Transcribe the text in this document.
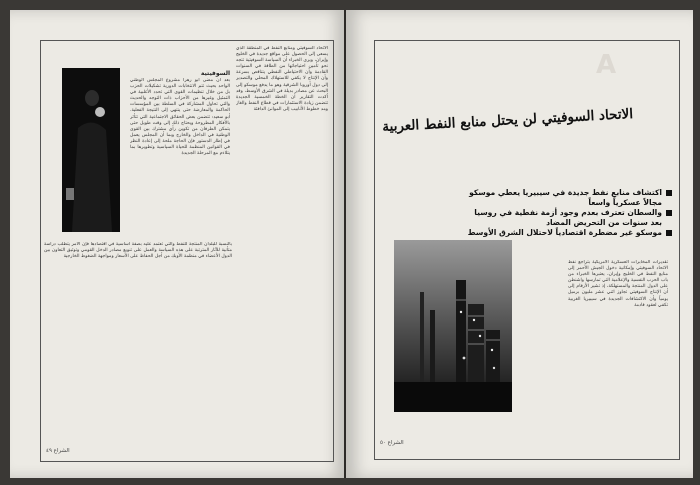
السوفيتية
بعد أن مضى أبو رهرا مشروع المجلس الوطني الواحد بحيث تتم الانتخابات الدورية تشكيلات الحزب بل من خلال تنظيمات القوى التي تحدد الأغلبية في التمثيل وغيرها من الأحزاب ذات التوجه والحديث والتي تحاول المشاركة في السلطة بين المؤسسات الحاكمة والمعارضة حتى ينتهي إلى النتيجة الفعلية. أبو سعيد: تتضمن بعض الحقائق الاجتماعية التي تتأثر بالأفكار المطروحة ويحتاج ذلك إلى وقت طويل حتى يتمكن الطرفان من تكوين رأي مشترك بين القوى الوطنية في الداخل والخارج وبما أن المجلس يعمل في إطار الدستور فإن الحاجة ملحة إلى إعادة النظر في القوانين المنظمة للحياة السياسية وتطويرها بما يتلاءم مع المرحلة الجديدة
الاتحاد السوفيتي ومنابع النفط في المنطقة الذي يسعى إلى الحصول على مواقع جديدة في الخليج وإيران، ويرى الخبراء أن السياسة السوفيتية تتجه نحو تأمين احتياجاتها من الطاقة في السنوات القادمة وأن الاحتياطي النفطي يتناقص بسرعة وأن الإنتاج لا يكفي للاستهلاك المحلي والتصدير إلى دول أوروبا الشرقية وهو ما يدفع موسكو إلى البحث عن مصادر بديلة في الشرق الأوسط، وقد أكدت التقارير أن الخطة الخمسية الجديدة تتضمن زيادة الاستثمارات في قطاع النفط والغاز ومد خطوط الأنابيب إلى الموانئ الدافئة
بالنسبة للبلدان المنتجة للنفط والتي تعتمد عليه بصفة أساسية في اقتصادها فإن الأمر يتطلب دراسة متأنية للآثار المترتبة على هذه السياسة والعمل على تنويع مصادر الدخل القومي وتوثيق التعاون بين الدول الأعضاء في منظمة الأوبك من أجل الحفاظ على الأسعار ومواجهة الضغوط الخارجية
الشراع ٤٩
A
الاتحاد السوفيتي لن يحتل منابع النفط العربية
اكتشاف منابع نفط جديدة في سيبيريا يعطي موسكو مجالاً عسكرياً واسعاً
والسطان تعترف بعدم وجود أزمة نفطية في روسيا بعد سنوات من التحريض المضاد
موسكو غير مضطرة اقتصادياً لاحتلال الشرق الأوسط
تقديرات المخابرات العسكرية الأمريكية بتراجع نفط الاتحاد السوفيتي وإمكانية دخول الجيش الأحمر إلى منابع النفط في الخليج وإيران، يعتبرها الخبراء من باب الحرب النفسية والإعلامية التي تمارسها واشنطن على الدول المنتجة والمستهلكة، إذ تشير الأرقام إلى أن الإنتاج السوفيتي تجاوز اثني عشر مليون برميل يومياً وأن الاكتشافات الجديدة في سيبيريا الغربية تكفي لعقود قادمة
الشراع ٥٠
